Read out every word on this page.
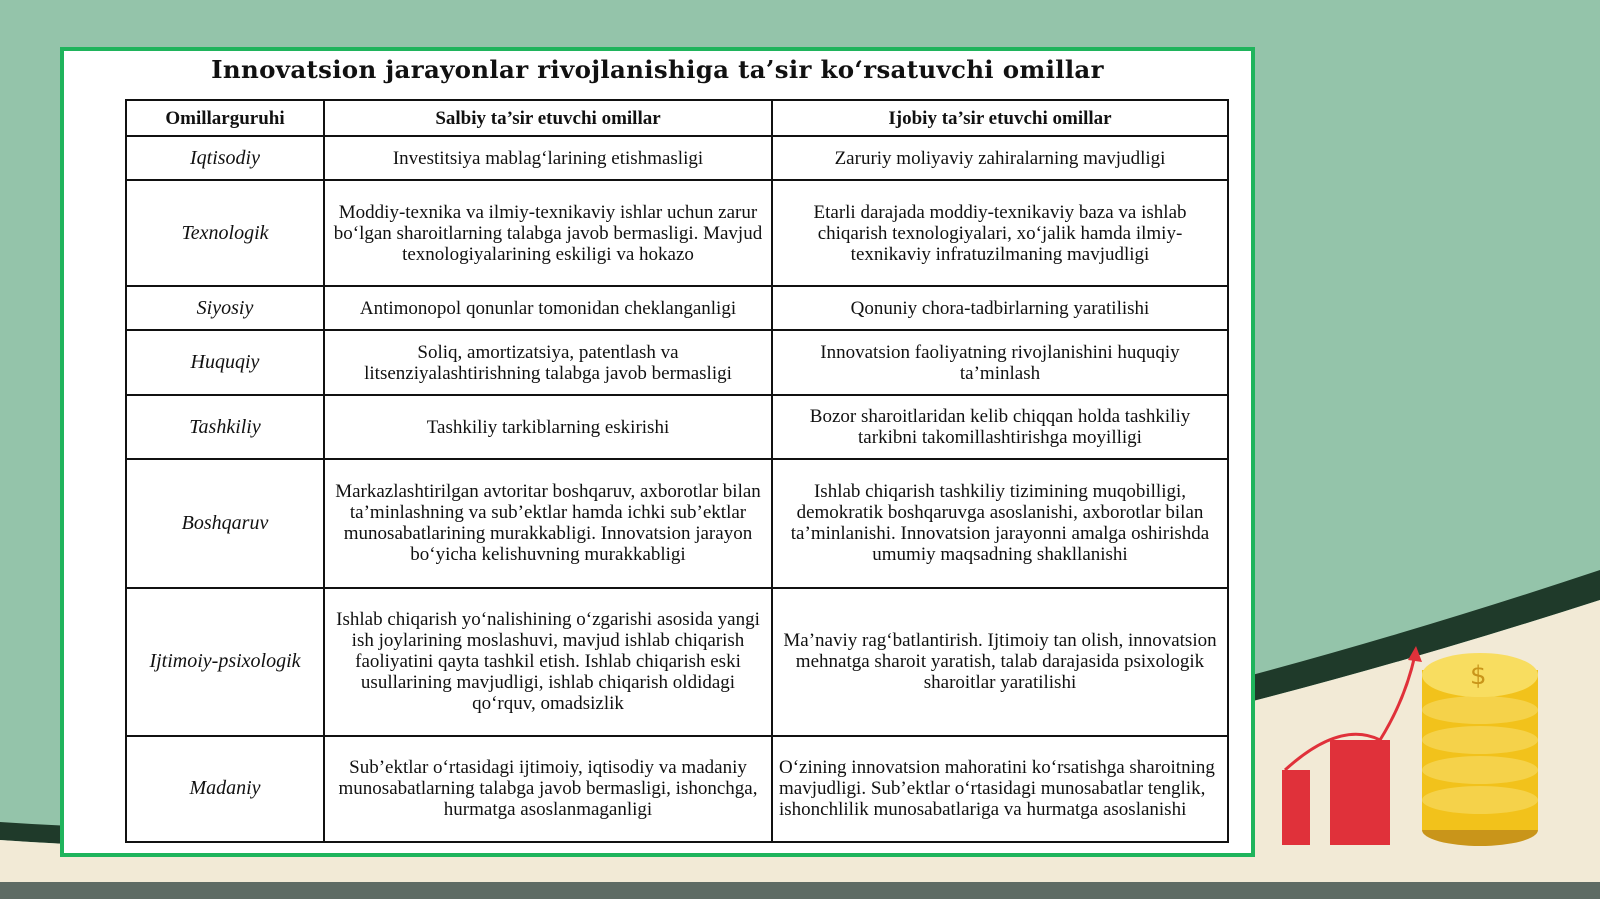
$
Innovatsion jarayonlar rivojlanishiga ta’sir ko‘rsatuvchi omillar
Omillarguruhi	Salbiy ta’sir etuvchi omillar	Ijobiy ta’sir etuvchi omillar
Iqtisodiy	Investitsiya mablag‘larining etishmasligi	Zaruriy moliyaviy zahiralarning mavjudligi
Texnologik	Moddiy-texnika va ilmiy-texnikaviy ishlar uchun zarur bo‘lgan sharoitlarning talabga javob bermasligi. Mavjud texnologiyalarining eskiligi va hokazo	Etarli darajada moddiy-texnikaviy baza va ishlab chiqarish texnologiyalari, xo‘jalik hamda ilmiy-texnikaviy infratuzilmaning mavjudligi
Siyosiy	Antimonopol qonunlar tomonidan cheklanganligi	Qonuniy chora-tadbirlarning yaratilishi
Huquqiy	Soliq, amortizatsiya, patentlash va litsenziyalashtirishning talabga javob bermasligi	Innovatsion faoliyatning rivojlanishini huquqiy ta’minlash
Tashkiliy	Tashkiliy tarkiblarning eskirishi	Bozor sharoitlaridan kelib chiqqan holda tashkiliy tarkibni takomillashtirishga moyilligi
Boshqaruv	Markazlashtirilgan avtoritar boshqaruv, axborotlar bilan ta’minlashning va sub’ektlar hamda ichki sub’ektlar munosabatlarining murakkabligi. Innovatsion jarayon bo‘yicha kelishuvning murakkabligi	Ishlab chiqarish tashkiliy tizimining muqobilligi, demokratik boshqaruvga asoslanishi, axborotlar bilan ta’minlanishi. Innovatsion jarayonni amalga oshirishda umumiy maqsadning shakllanishi
Ijtimoiy-psixologik	Ishlab chiqarish yo‘nalishining o‘zgarishi asosida yangi ish joylarining moslashuvi, mavjud ishlab chiqarish faoliyatini qayta tashkil etish. Ishlab chiqarish eski usullarining mavjudligi, ishlab chiqarish oldidagi qo‘rquv, omadsizlik	Ma’naviy rag‘batlantirish. Ijtimoiy tan olish, innovatsion mehnatga sharoit yaratish, talab darajasida psixologik sharoitlar yaratilishi
Madaniy	Sub’ektlar o‘rtasidagi ijtimoiy, iqtisodiy va madaniy munosabatlarning talabga javob bermasligi, ishonchga, hurmatga asoslanmaganligi	O‘zining innovatsion mahoratini ko‘rsatishga sharoitning mavjudligi. Sub’ektlar o‘rtasidagi munosabatlar tenglik, ishonchlilik munosabatlariga va hurmatga asoslanishi
